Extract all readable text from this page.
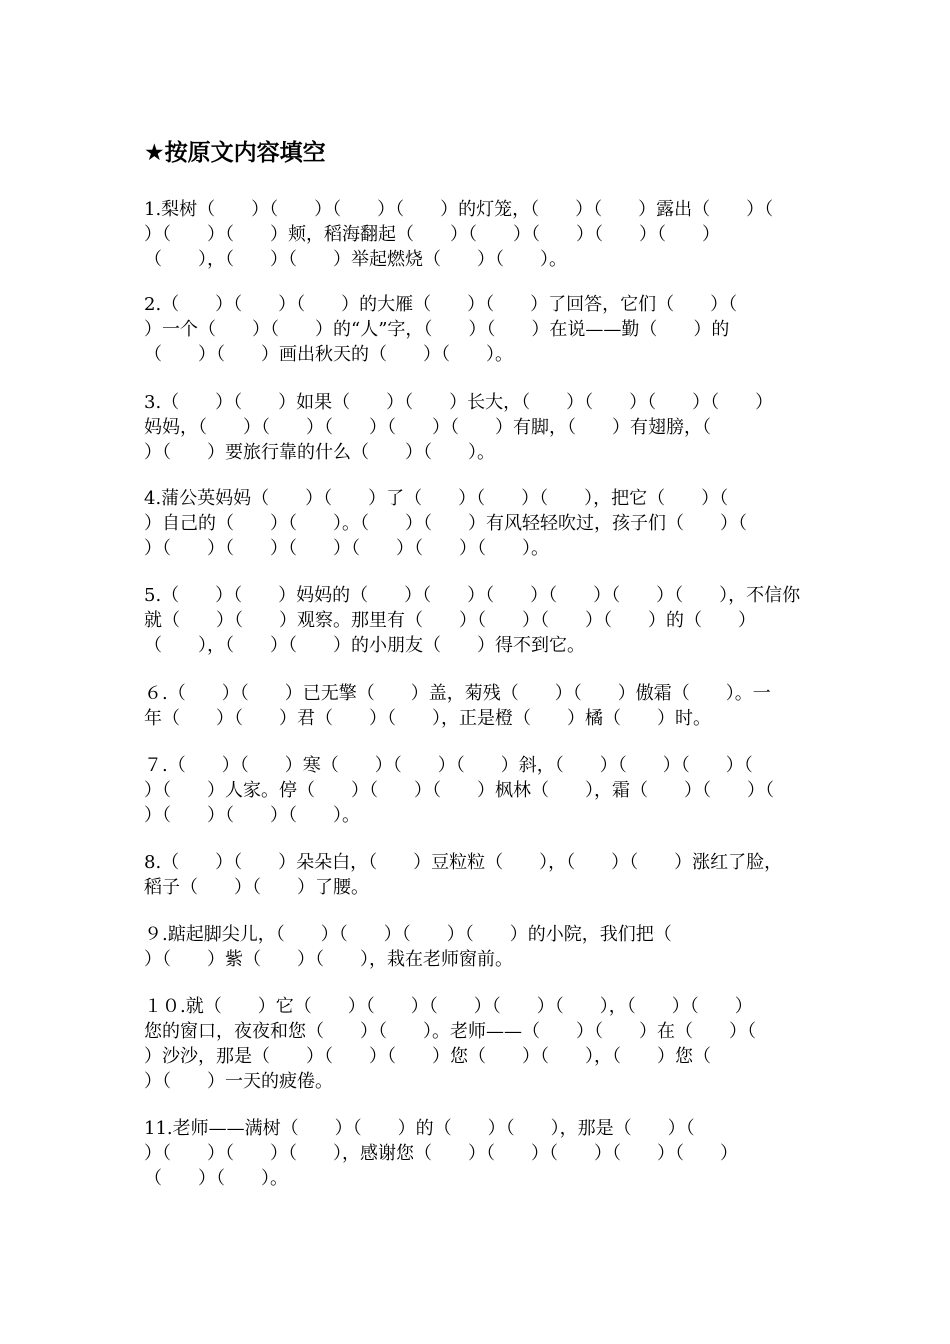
★按原文内容填空
1.梨树（　　）（　　）（　　）（　　）的灯笼，（　　）（　　）露出（　　）（
）（　　）（　　）颊，稻海翻起（　　）（　　）（　　）（　　）（　　）
（　　），（　　）（　　）举起燃烧（　　）（　　）。
2.（　　）（　　）（　　）的大雁（　　）（　　）了回答，它们（　　）（
）一个（　　）（　　）的“人”字，（　　）（　　）在说——勤（　　）的
（　　）（　　）画出秋天的（　　）（　　）。
3.（　　）（　　）如果（　　）（　　）长大，（　　）（　　）（　　）（　　）
妈妈，（　　）（　　）（　　）（　　）（　　）有脚，（　　）有翅膀，（
）（　　）要旅行靠的什么（　　）（　　）。
4.蒲公英妈妈（　　）（　　）了（　　）（　　）（　　），把它（　　）（
）自己的（　　）（　　）。（　　）（　　）有风轻轻吹过，孩子们（　　）（
）（　　）（　　）（　　）（　　）（　　）（　　）。
5.（　　）（　　）妈妈的（　　）（　　）（　　）（　　）（　　）（　　），不信你
就（　　）（　　）观察。那里有（　　）（　　）（　　）（　　）的（　　）
（　　），（　　）（　　）的小朋友（　　）得不到它。
６.（　　）（　　）已无擎（　　）盖，菊残（　　）（　　）傲霜（　　）。一
年（　　）（　　）君（　　）（　　），正是橙（　　）橘（　　）时。
７.（　　）（　　）寒（　　）（　　）（　　）斜，（　　）（　　）（　　）（
）（　　）人家。停（　　）（　　）（　　）枫林（　　），霜（　　）（　　）（
）（　　）（　　）（　　）。
8.（　　）（　　）朵朵白，（　　）豆粒粒（　　），（　　）（　　）涨红了脸，
稻子（　　）（　　）了腰。
９.踮起脚尖儿，（　　）（　　）（　　）（　　）的小院，我们把（
）（　　）紫（　　）（　　），栽在老师窗前。
１０.就（　　）它（　　）（　　）（　　）（　　）（　　），（　　）（　　）
您的窗口，夜夜和您（　　）（　　）。老师——（　　）（　　）在（　　）（
）沙沙，那是（　　）（　　）（　　）您（　　）（　　），（　　）您（
）（　　）一天的疲倦。
11.老师——满树（　　）（　　）的（　　）（　　），那是（　　）（
）（　　）（　　）（　　），感谢您（　　）（　　）（　　）（　　）（　　）
（　　）（　　）。
